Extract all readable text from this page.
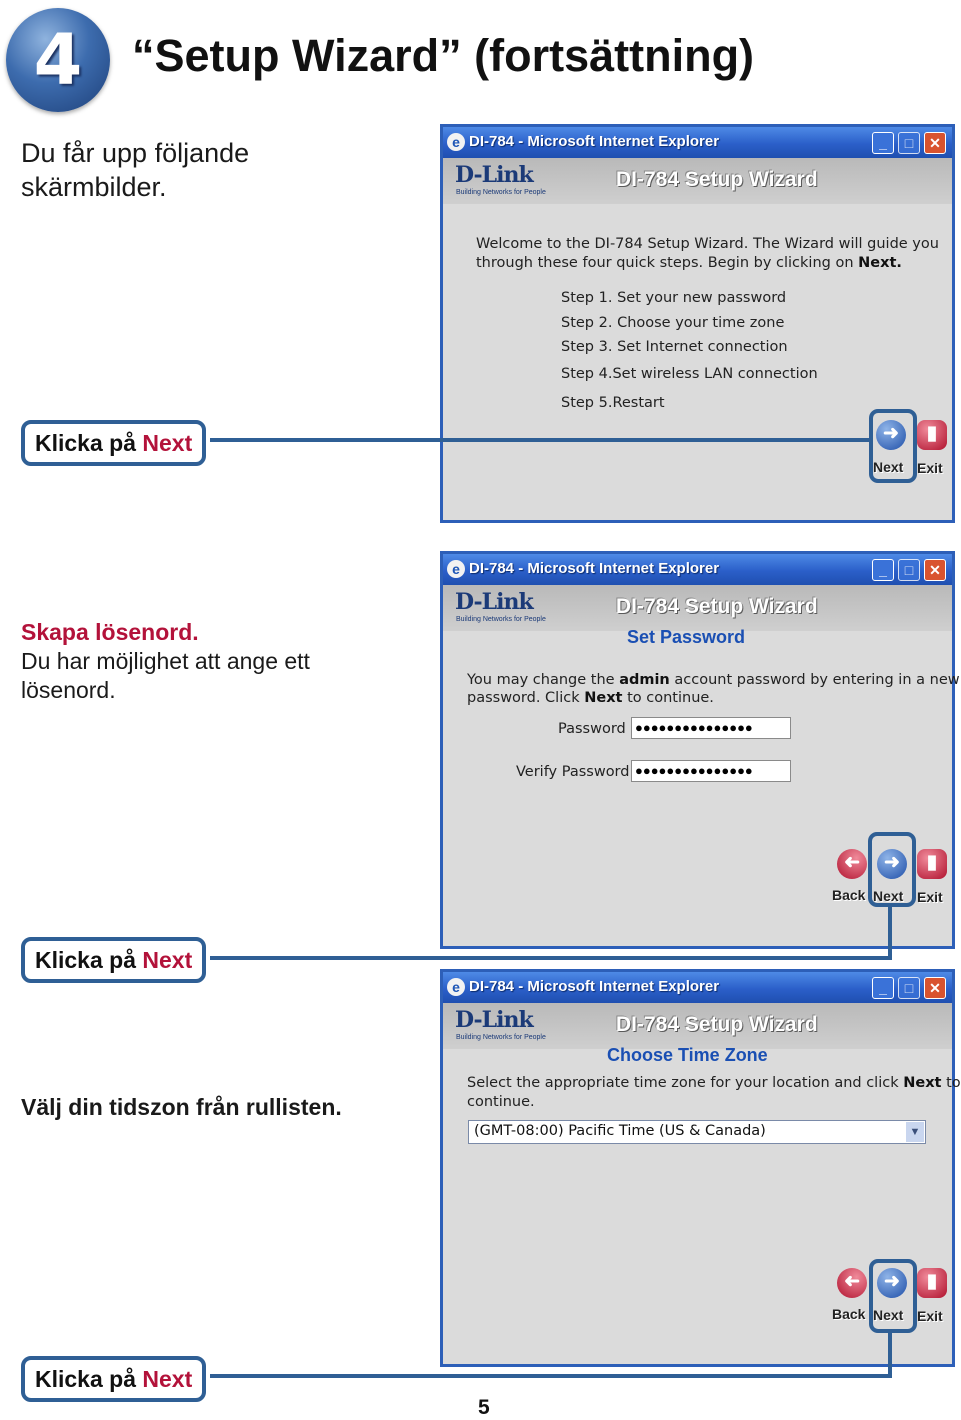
4	“Setup Wizard” (fortsättning)
Du får upp följande
skärmbilder.
Skapa lösenord.
Du har möjlighet att ange ett
lösenord.
Välj din tidszon från rullisten.
e DI-784 - Microsoft Internet Explorer	_	□	✕
D-Link
Building Networks for People
DI-784 Setup Wizard
Welcome to the DI-784 Setup Wizard. The Wizard will guide you
through these four quick steps. Begin by clicking on Next.
Step 1. Set your new password
Step 2. Choose your time zone
Step 3. Set Internet connection
Step 4.Set wireless LAN connection
Step 5.Restart
➜
Next
▮
Exit
e DI-784 - Microsoft Internet Explorer	_	□	✕
D-Link
Building Networks for People
DI-784 Setup Wizard
Set Password
You may change the admin account password by entering in a new
password. Click Next to continue.
Password ●●●●●●●●●●●●●●●
Verify Password ●●●●●●●●●●●●●●●
➜
Back
➜
Next
▮
Exit
e DI-784 - Microsoft Internet Explorer	_	□	✕
D-Link
Building Networks for People
DI-784 Setup Wizard
Choose Time Zone
Select the appropriate time zone for your location and click Next to
continue.
(GMT-08:00) Pacific Time (US & Canada)	▼
➜
Back
➜
Next
▮
Exit
Klicka på Next
Klicka på Next
Klicka på Next
5
